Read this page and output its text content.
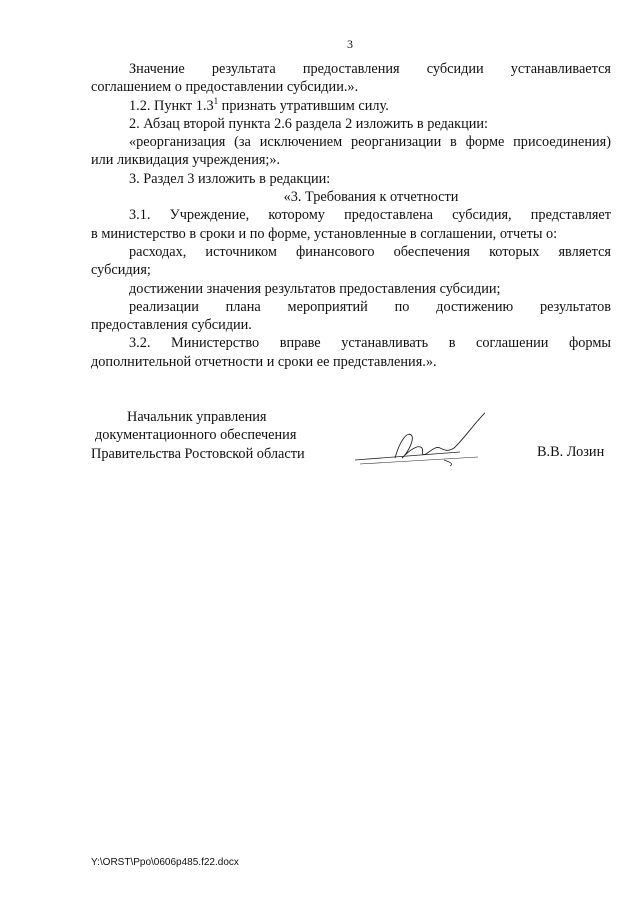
3

Значение результата предоставления субсидии устанавливается

соглашением о предоставлении субсидии.».

1.2. Пункт $1.3^1$ признать утратившим силу.

2. Абзац второй пункта 2.6 раздела 2 изложить в редакции:

«реорганизация (за исключением реорганизации в форме присоединения)

или ликвидация учреждения;».

3. Раздел 3 изложить в редакции:

«3. Требования к отчетности

3.1. Учреждение, которому предоставлена субсидия, представляет

в министерство в сроки и по форме, установленные в соглашении, отчеты о:

расходах, источником финансового обеспечения которых является

субсидия;

достижении значения результатов предоставления субсидии;

реализации плана мероприятий по достижению результатов

предоставления субсидии.

3.2. Министерство вправе устанавливать в соглашении формы

дополнительной отчетности и сроки ее представления.».

Начальник управления
документационного обеспечения
Правительства Ростовской области	В.В. Лозин
Y:\ORST\Ppo\0606p485.f22.docx
